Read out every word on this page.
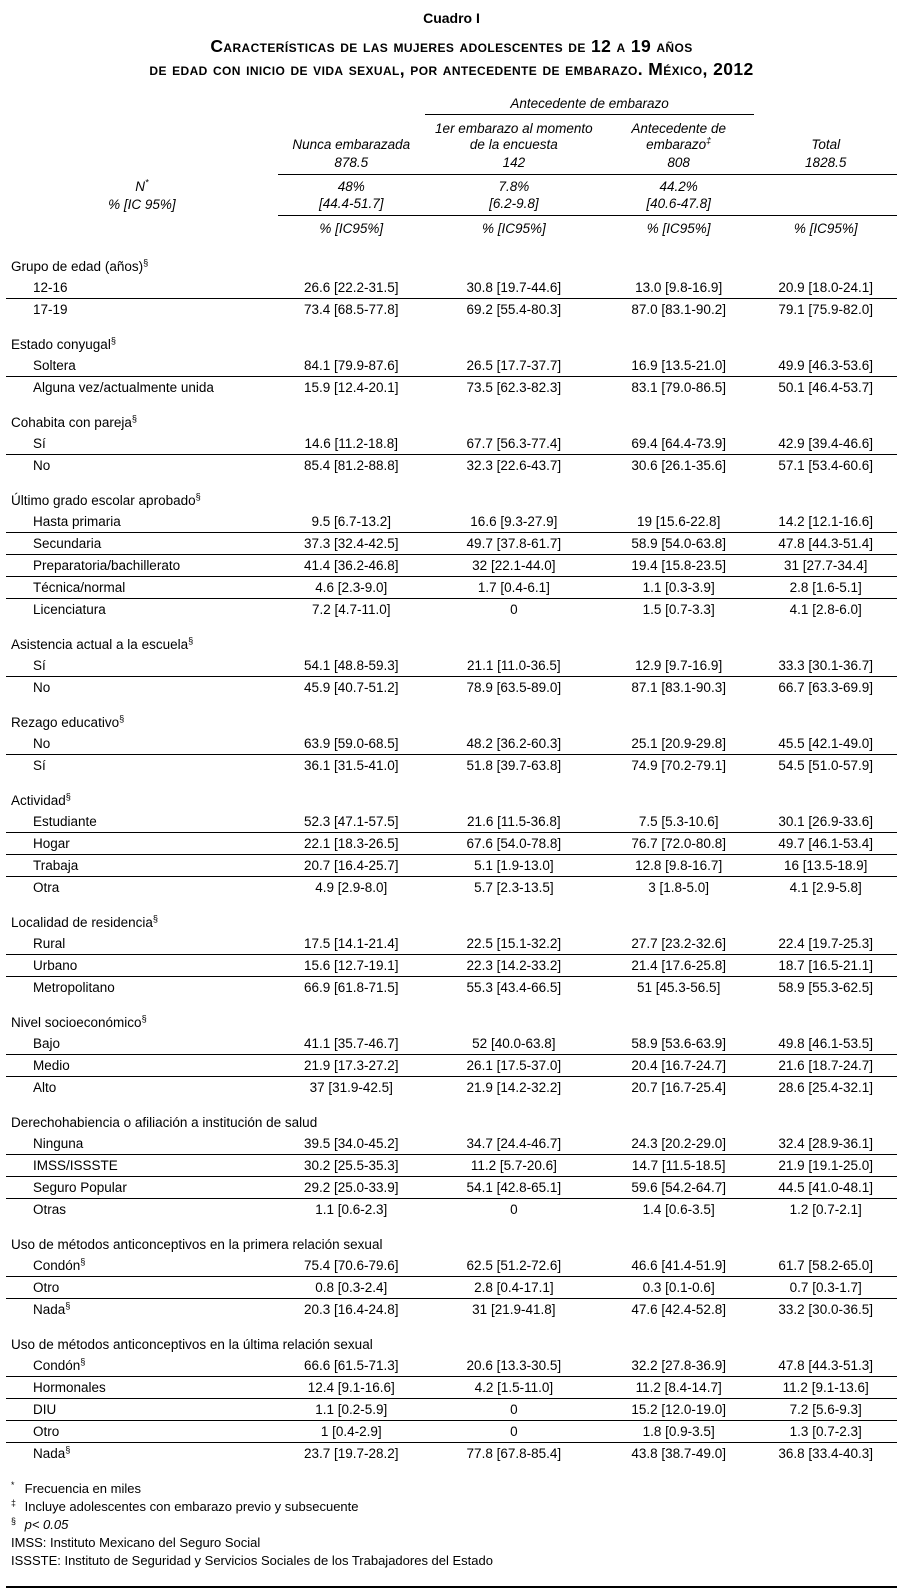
Cuadro I
Características de las mujeres adolescentes de 12 a 19 años
de edad con inicio de vida sexual, por antecedente de embarazo. México, 2012
		Antecedente de embarazo		
	Nunca embarazada	1er embarazo al momento de la encuesta	Antecedente de embarazo‡	Total
	878.5	142	808	1828.5
N*	48%	7.8%	44.2%	
% [IC 95%]	[44.4-51.7]	[6.2-9.8]	[40.6-47.8]	
	% [IC95%]	% [IC95%]	% [IC95%]	% [IC95%]
Grupo de edad (años)§
12-16	26.6 [22.2-31.5]	30.8 [19.7-44.6]	13.0 [9.8-16.9]	20.9 [18.0-24.1]
17-19	73.4 [68.5-77.8]	69.2 [55.4-80.3]	87.0 [83.1-90.2]	79.1 [75.9-82.0]
Estado conyugal§
Soltera	84.1 [79.9-87.6]	26.5 [17.7-37.7]	16.9 [13.5-21.0]	49.9 [46.3-53.6]
Alguna vez/actualmente unida	15.9 [12.4-20.1]	73.5 [62.3-82.3]	83.1 [79.0-86.5]	50.1 [46.4-53.7]
Cohabita con pareja§
Sí	14.6 [11.2-18.8]	67.7 [56.3-77.4]	69.4 [64.4-73.9]	42.9 [39.4-46.6]
No	85.4 [81.2-88.8]	32.3 [22.6-43.7]	30.6 [26.1-35.6]	57.1 [53.4-60.6]
Último grado escolar aprobado§
Hasta primaria	9.5 [6.7-13.2]	16.6 [9.3-27.9]	19 [15.6-22.8]	14.2 [12.1-16.6]
Secundaria	37.3 [32.4-42.5]	49.7 [37.8-61.7]	58.9 [54.0-63.8]	47.8 [44.3-51.4]
Preparatoria/bachillerato	41.4 [36.2-46.8]	32 [22.1-44.0]	19.4 [15.8-23.5]	31 [27.7-34.4]
Técnica/normal	4.6 [2.3-9.0]	1.7 [0.4-6.1]	1.1 [0.3-3.9]	2.8 [1.6-5.1]
Licenciatura	7.2 [4.7-11.0]	0	1.5 [0.7-3.3]	4.1 [2.8-6.0]
Asistencia actual a la escuela§
Sí	54.1 [48.8-59.3]	21.1 [11.0-36.5]	12.9 [9.7-16.9]	33.3 [30.1-36.7]
No	45.9 [40.7-51.2]	78.9 [63.5-89.0]	87.1 [83.1-90.3]	66.7 [63.3-69.9]
Rezago educativo§
No	63.9 [59.0-68.5]	48.2 [36.2-60.3]	25.1 [20.9-29.8]	45.5 [42.1-49.0]
Sí	36.1 [31.5-41.0]	51.8 [39.7-63.8]	74.9 [70.2-79.1]	54.5 [51.0-57.9]
Actividad§
Estudiante	52.3 [47.1-57.5]	21.6 [11.5-36.8]	7.5 [5.3-10.6]	30.1 [26.9-33.6]
Hogar	22.1 [18.3-26.5]	67.6 [54.0-78.8]	76.7 [72.0-80.8]	49.7 [46.1-53.4]
Trabaja	20.7 [16.4-25.7]	5.1 [1.9-13.0]	12.8 [9.8-16.7]	16 [13.5-18.9]
Otra	4.9 [2.9-8.0]	5.7 [2.3-13.5]	3 [1.8-5.0]	4.1 [2.9-5.8]
Localidad de residencia§
Rural	17.5 [14.1-21.4]	22.5 [15.1-32.2]	27.7 [23.2-32.6]	22.4 [19.7-25.3]
Urbano	15.6 [12.7-19.1]	22.3 [14.2-33.2]	21.4 [17.6-25.8]	18.7 [16.5-21.1]
Metropolitano	66.9 [61.8-71.5]	55.3 [43.4-66.5]	51 [45.3-56.5]	58.9 [55.3-62.5]
Nivel socioeconómico§
Bajo	41.1 [35.7-46.7]	52 [40.0-63.8]	58.9 [53.6-63.9]	49.8 [46.1-53.5]
Medio	21.9 [17.3-27.2]	26.1 [17.5-37.0]	20.4 [16.7-24.7]	21.6 [18.7-24.7]
Alto	37 [31.9-42.5]	21.9 [14.2-32.2]	20.7 [16.7-25.4]	28.6 [25.4-32.1]
Derechohabiencia o afiliación a institución de salud				
Ninguna	39.5 [34.0-45.2]	34.7 [24.4-46.7]	24.3 [20.2-29.0]	32.4 [28.9-36.1]
IMSS/ISSSTE	30.2 [25.5-35.3]	11.2 [5.7-20.6]	14.7 [11.5-18.5]	21.9 [19.1-25.0]
Seguro Popular	29.2 [25.0-33.9]	54.1 [42.8-65.1]	59.6 [54.2-64.7]	44.5 [41.0-48.1]
Otras	1.1 [0.6-2.3]	0	1.4 [0.6-3.5]	1.2 [0.7-2.1]
Uso de métodos anticonceptivos en la primera relación sexual				
Condón§	75.4 [70.6-79.6]	62.5 [51.2-72.6]	46.6 [41.4-51.9]	61.7 [58.2-65.0]
Otro	0.8 [0.3-2.4]	2.8 [0.4-17.1]	0.3 [0.1-0.6]	0.7 [0.3-1.7]
Nada§	20.3 [16.4-24.8]	31 [21.9-41.8]	47.6 [42.4-52.8]	33.2 [30.0-36.5]
Uso de métodos anticonceptivos en la última relación sexual				
Condón§	66.6 [61.5-71.3]	20.6 [13.3-30.5]	32.2 [27.8-36.9]	47.8 [44.3-51.3]
Hormonales	12.4 [9.1-16.6]	4.2 [1.5-11.0]	11.2 [8.4-14.7]	11.2 [9.1-13.6]
DIU	1.1 [0.2-5.9]	0	15.2 [12.0-19.0]	7.2 [5.6-9.3]
Otro	1 [0.4-2.9]	0	1.8 [0.9-3.5]	1.3 [0.7-2.3]
Nada§	23.7 [19.7-28.2]	77.8 [67.8-85.4]	43.8 [38.7-49.0]	36.8 [33.4-40.3]
* Frecuencia en miles
‡ Incluye adolescentes con embarazo previo y subsecuente
§ p< 0.05
IMSS: Instituto Mexicano del Seguro Social
ISSSTE: Instituto de Seguridad y Servicios Sociales de los Trabajadores del Estado
